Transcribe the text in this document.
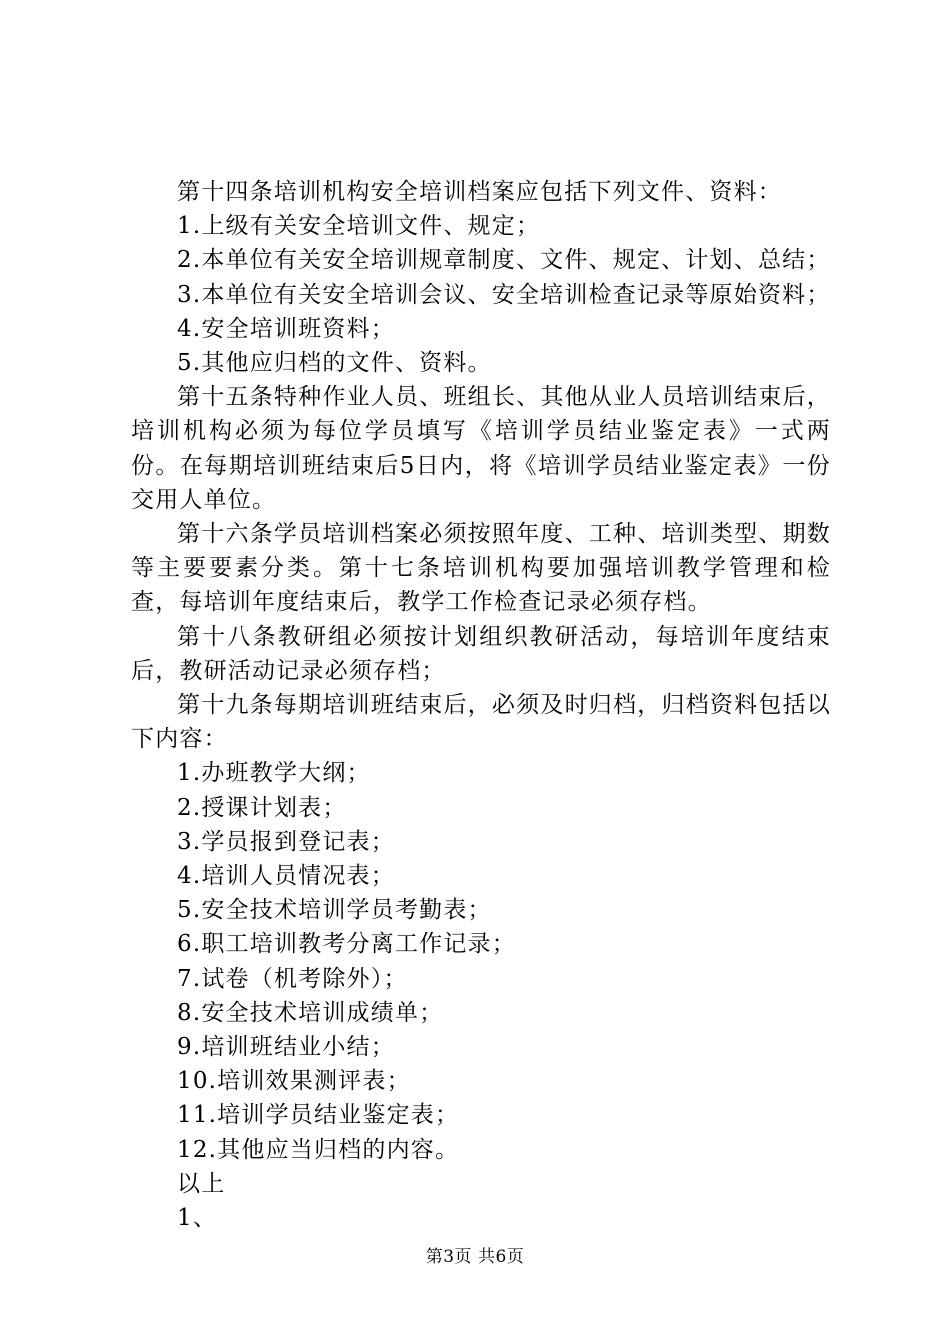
第十四条培训机构安全培训档案应包括下列文件、资料：

1.上级有关安全培训文件、规定；

2.本单位有关安全培训规章制度、文件、规定、计划、总结；

3.本单位有关安全培训会议、安全培训检查记录等原始资料；

4.安全培训班资料；

5.其他应归档的文件、资料。

第十五条特种作业人员、班组长、其他从业人员培训结束后，培训机构必须为每位学员填写《培训学员结业鉴定表》一式两份。在每期培训班结束后5日内，将《培训学员结业鉴定表》一份交用人单位。

第十六条学员培训档案必须按照年度、工种、培训类型、期数等主要要素分类。第十七条培训机构要加强培训教学管理和检查，每培训年度结束后，教学工作检查记录必须存档。

第十八条教研组必须按计划组织教研活动，每培训年度结束后，教研活动记录必须存档；

第十九条每期培训班结束后，必须及时归档，归档资料包括以下内容：

1.办班教学大纲；

2.授课计划表；

3.学员报到登记表；

4.培训人员情况表；

5.安全技术培训学员考勤表；

6.职工培训教考分离工作记录；

7.试卷（机考除外）；

8.安全技术培训成绩单；

9.培训班结业小结；

10.培训效果测评表；

11.培训学员结业鉴定表；

12.其他应当归档的内容。

以上

1、

第3页 共6页
